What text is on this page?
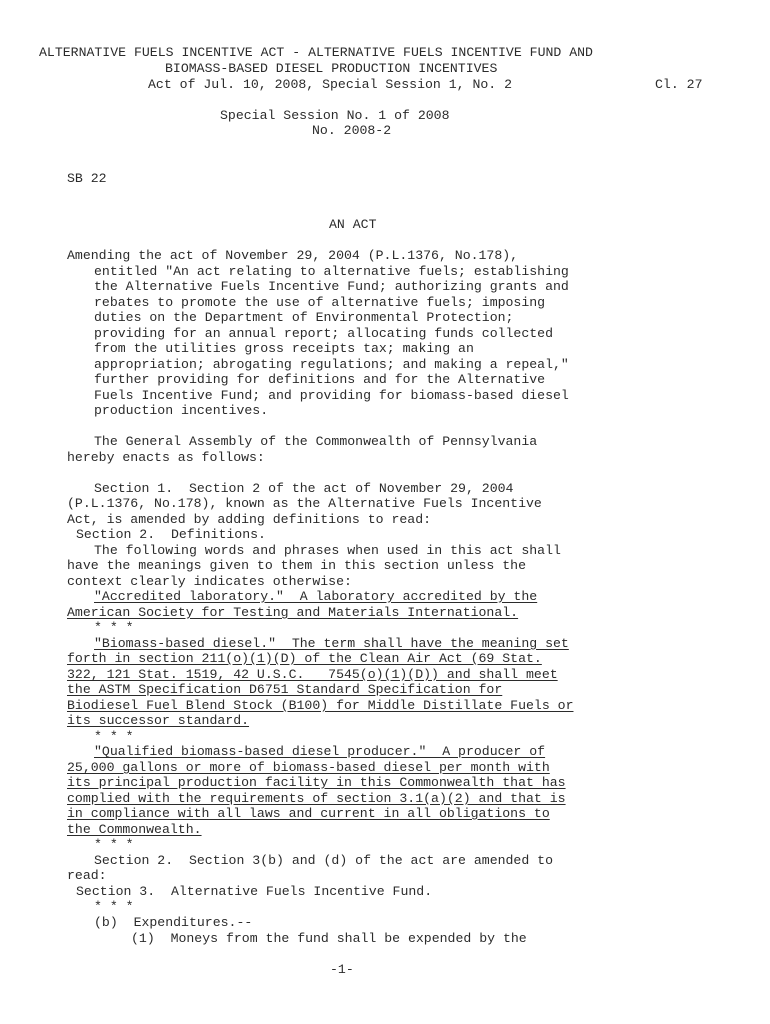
ALTERNATIVE FUELS INCENTIVE ACT - ALTERNATIVE FUELS INCENTIVE FUND AND
BIOMASS-BASED DIESEL PRODUCTION INCENTIVES
Act of Jul. 10, 2008, Special Session 1, No. 2	Cl. 27
Special Session No. 1 of 2008
No. 2008-2
SB 22
AN ACT
Amending the act of November 29, 2004 (P.L.1376, No.178),
entitled "An act relating to alternative fuels; establishing
the Alternative Fuels Incentive Fund; authorizing grants and
rebates to promote the use of alternative fuels; imposing
duties on the Department of Environmental Protection;
providing for an annual report; allocating funds collected
from the utilities gross receipts tax; making an
appropriation; abrogating regulations; and making a repeal,"
further providing for definitions and for the Alternative
Fuels Incentive Fund; and providing for biomass-based diesel
production incentives.
The General Assembly of the Commonwealth of Pennsylvania
hereby enacts as follows:
Section 1.  Section 2 of the act of November 29, 2004
(P.L.1376, No.178), known as the Alternative Fuels Incentive
Act, is amended by adding definitions to read:
Section 2.  Definitions.
The following words and phrases when used in this act shall
have the meanings given to them in this section unless the
context clearly indicates otherwise:
"Accredited laboratory."  A laboratory accredited by the
American Society for Testing and Materials International.
* * *
"Biomass-based diesel."  The term shall have the meaning set
forth in section 211(o)(1)(D) of the Clean Air Act (69 Stat.
322, 121 Stat. 1519, 42 U.S.C.   7545(o)(1)(D)) and shall meet
the ASTM Specification D6751 Standard Specification for
Biodiesel Fuel Blend Stock (B100) for Middle Distillate Fuels or
its successor standard.
* * *
"Qualified biomass-based diesel producer."  A producer of
25,000 gallons or more of biomass-based diesel per month with
its principal production facility in this Commonwealth that has
complied with the requirements of section 3.1(a)(2) and that is
in compliance with all laws and current in all obligations to
the Commonwealth.
* * *
Section 2.  Section 3(b) and (d) of the act are amended to
read:
Section 3.  Alternative Fuels Incentive Fund.
* * *
(b)  Expenditures.--
(1)  Moneys from the fund shall be expended by the
-1-
